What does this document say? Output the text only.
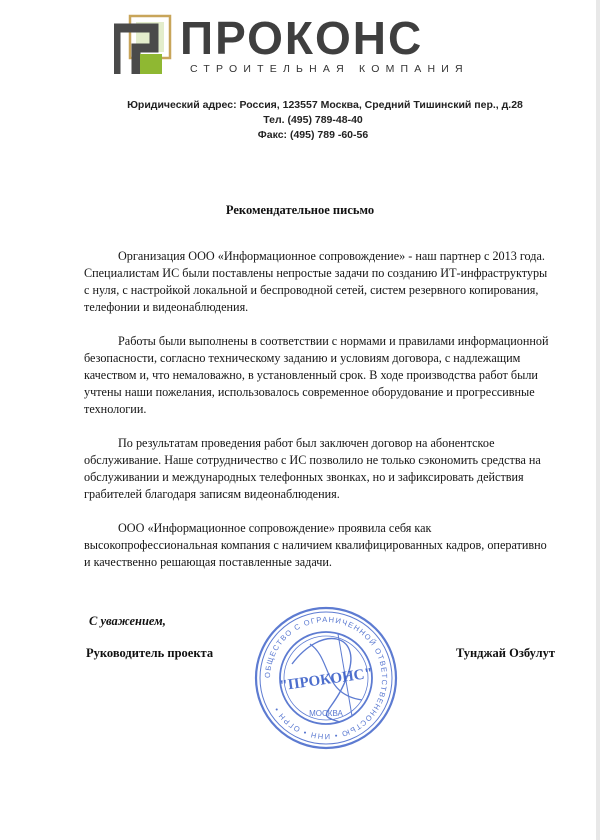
ПРОКОНС
СТРОИТЕЛЬНАЯ КОМПАНИЯ
Юридический адрес: Россия, 123557 Москва, Средний Тишинский пер., д.28
Тел. (495) 789-48-40
Факс: (495) 789 -60-56
Рекомендательное письмо

Организация ООО «Информационное сопровождение» - наш партнер с 2013 года. Специалистам ИС были поставлены непростые задачи по созданию ИТ-инфраструктуры с нуля, с настройкой локальной и беспроводной сетей, систем резервного копирования, телефонии и видеонаблюдения.

Работы были выполнены в соответствии с нормами и правилами информационной безопасности, согласно техническому заданию и условиям договора, с надлежащим качеством и, что немаловажно, в установленный срок. В ходе производства работ были учтены наши пожелания, использовалось современное оборудование и прогрессивные технологии.

По результатам проведения работ был заключен договор на абонентское обслуживание. Наше сотрудничество с ИС позволило не только сэкономить средства на обслуживании и международных телефонных звонках, но и зафиксировать действия грабителей благодаря записям видеонаблюдения.

ООО «Информационное сопровождение» проявила себя как высокопрофессиональная компания с наличием квалифицированных кадров, оперативно и качественно решающая поставленные задачи.

С уважением,
Руководитель проекта	Тунджай Озбулут
ОБЩЕСТВО С ОГРАНИЧЕННОЙ ОТВЕТСТВЕННОСТЬЮ • ИНН • ОГРН •
"ПРОКОНС"
МОСКВА
